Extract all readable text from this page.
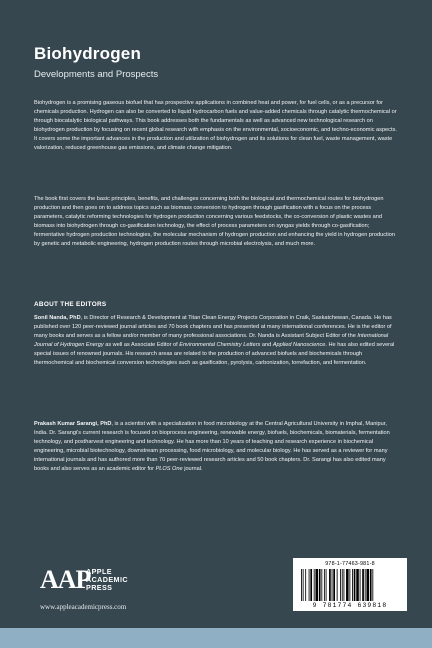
Biohydrogen
Developments and Prospects
Biohydrogen is a promising gaseous biofuel that has prospective applications in combined heat and power, for fuel cells, or as a precursor for chemicals production. Hydrogen can also be converted to liquid hydrocarbon fuels and value-added chemicals through catalytic thermochemical or through biocatalytic biological pathways. This book addresses both the fundamentals as well as advanced new technological research on biohydrogen production by focusing on recent global research with emphasis on the environmental, socioeconomic, and techno-economic aspects. It covers some the important advances in the production and utilization of biohydrogen and its solutions for clean fuel, waste management, waste valorization, reduced greenhouse gas emissions, and climate change mitigation.
The book first covers the basic principles, benefits, and challenges concerning both the biological and thermochemical routes for biohydrogen production and then goes on to address topics such as biomass conversion to hydrogen through gasification with a focus on the process parameters, catalytic reforming technologies for hydrogen production concerning various feedstocks, the co-conversion of plastic wastes and biomass into biohydrogen through co-gasification technology, the effect of process parameters on syngas yields through co-gasification; fermentative hydrogen production technologies, the molecular mechanism of hydrogen production and enhancing the yield in hydrogen production by genetic and metabolic engineering, hydrogen production routes through microbial electrolysis, and much more.
ABOUT THE EDITORS
Sonil Nanda, PhD, is Director of Research & Development at Titan Clean Energy Projects Corporation in Craik, Saskatchewan, Canada. He has published over 120 peer-reviewed journal articles and 70 book chapters and has presented at many international conferences. He is the editor of many books and serves as a fellow and/or member of many professional associations. Dr. Nanda is Assistant Subject Editor of the International Journal of Hydrogen Energy as well as Associate Editor of Environmental Chemistry Letters and Applied Nanoscience. He has also edited several special issues of renowned journals. His research areas are related to the production of advanced biofuels and biochemicals through thermochemical and biochemical conversion technologies such as gasification, pyrolysis, carbonization, torrefaction, and fermentation.
Prakash Kumar Sarangi, PhD, is a scientist with a specialization in food microbiology at the Central Agricultural University in Imphal, Manipur, India. Dr. Sarangi's current research is focused on bioprocess engineering, renewable energy, biofuels, biochemicals, biomaterials, fermentation technology, and postharvest engineering and technology. He has more than 10 years of teaching and research experience in biochemical engineering, microbial biotechnology, downstream processing, food microbiology, and molecular biology. He has served as a reviewer for many international journals and has authored more than 70 peer-reviewed research articles and 50 book chapters. Dr. Sarangi has also edited many books and also serves as an academic editor for PLOS One journal.
AAP
APPLE
ACADEMIC
PRESS
www.appleacademicpress.com
978-1-77463-981-8
9 781774 639818
